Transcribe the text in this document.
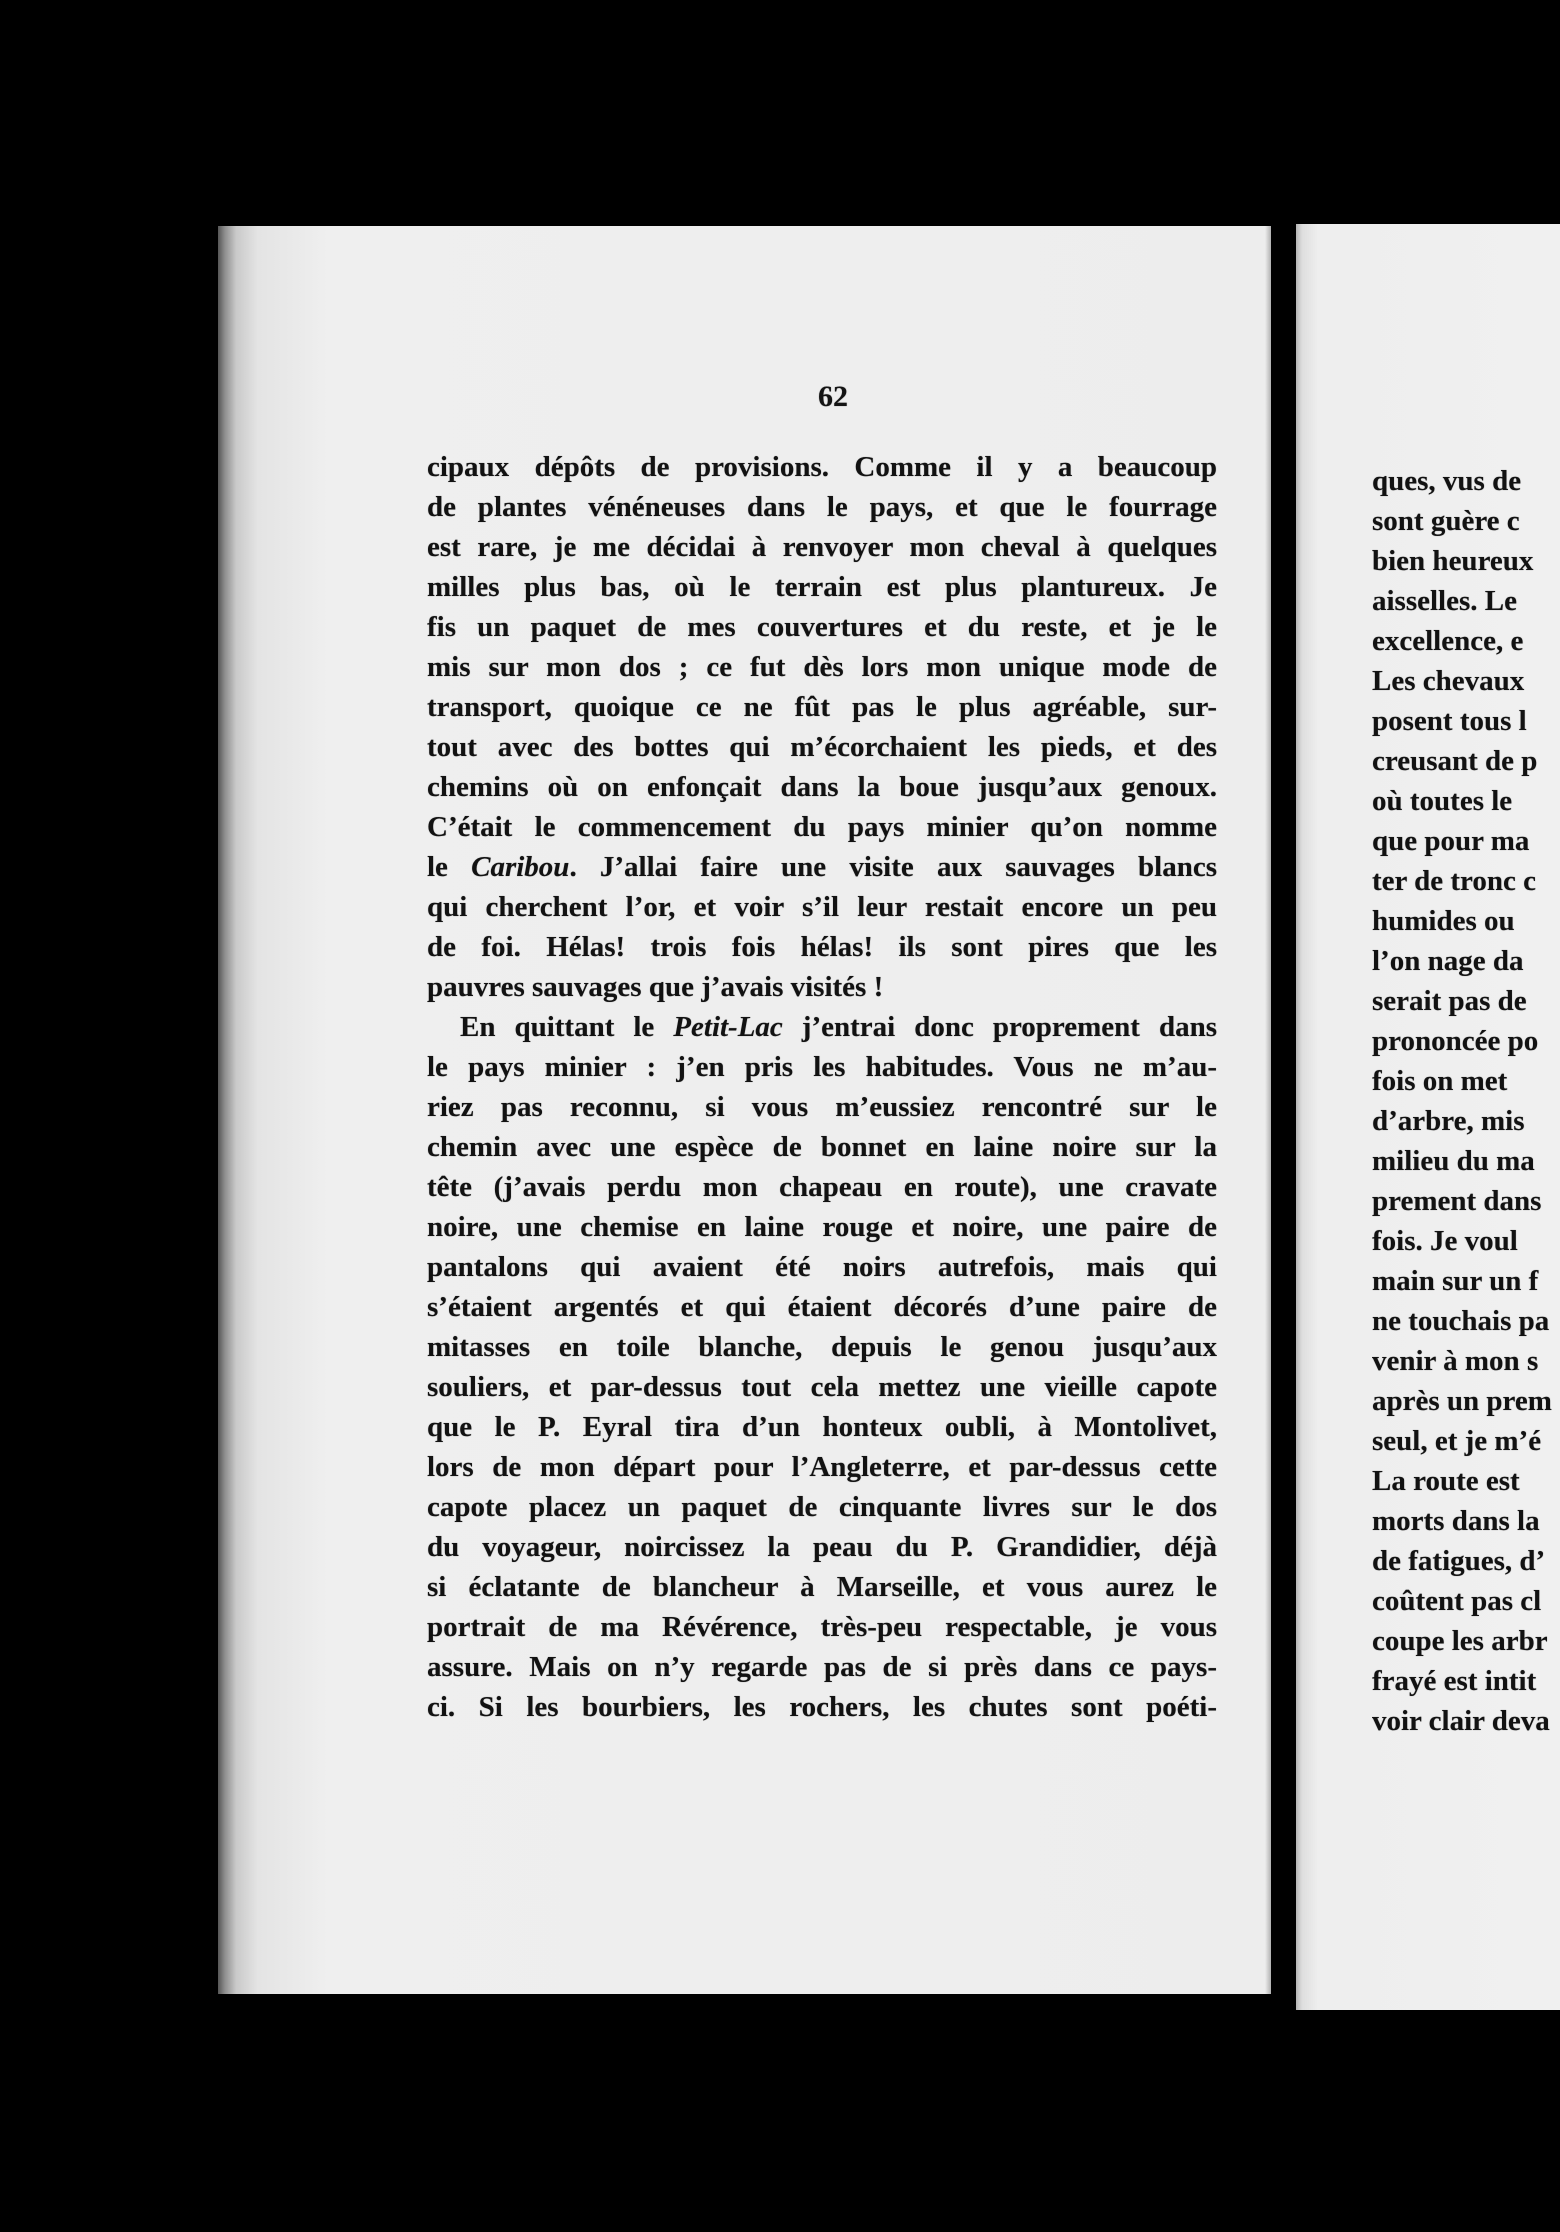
62
cipaux dépôts de provisions. Comme il y a beaucoup
de plantes vénéneuses dans le pays, et que le fourrage
est rare, je me décidai à renvoyer mon cheval à quelques
milles plus bas, où le terrain est plus plantureux. Je
fis un paquet de mes couvertures et du reste, et je le
mis sur mon dos ; ce fut dès lors mon unique mode de
transport, quoique ce ne fût pas le plus agréable, sur-
tout avec des bottes qui m’écorchaient les pieds, et des
chemins où on enfonçait dans la boue jusqu’aux genoux.
C’était le commencement du pays minier qu’on nomme
le Caribou. J’allai faire une visite aux sauvages blancs
qui cherchent l’or, et voir s’il leur restait encore un peu
de foi. Hélas! trois fois hélas! ils sont pires que les
pauvres sauvages que j’avais visités !
En quittant le Petit-Lac j’entrai donc proprement dans
le pays minier : j’en pris les habitudes. Vous ne m’au-
riez pas reconnu, si vous m’eussiez rencontré sur le
chemin avec une espèce de bonnet en laine noire sur la
tête (j’avais perdu mon chapeau en route), une cravate
noire, une chemise en laine rouge et noire, une paire de
pantalons qui avaient été noirs autrefois, mais qui
s’étaient argentés et qui étaient décorés d’une paire de
mitasses en toile blanche, depuis le genou jusqu’aux
souliers, et par-dessus tout cela mettez une vieille capote
que le P. Eyral tira d’un honteux oubli, à Montolivet,
lors de mon départ pour l’Angleterre, et par-dessus cette
capote placez un paquet de cinquante livres sur le dos
du voyageur, noircissez la peau du P. Grandidier, déjà
si éclatante de blancheur à Marseille, et vous aurez le
portrait de ma Révérence, très-peu respectable, je vous
assure. Mais on n’y regarde pas de si près dans ce pays-
ci. Si les bourbiers, les rochers, les chutes sont poéti-
ques, vus de
sont guère c
bien heureux
aisselles. Le
excellence, e
Les chevaux
posent tous l
creusant de p
où toutes le
que pour ma
ter de tronc c
humides ou
l’on nage da
serait pas de
prononcée po
fois on met
d’arbre, mis
milieu du ma
prement dans
fois. Je voul
main sur un f
ne touchais pa
venir à mon s
après un prem
seul, et je m’é
La route est
morts dans la
de fatigues, d’
coûtent pas cl
coupe les arbr
frayé est intit
voir clair deva
